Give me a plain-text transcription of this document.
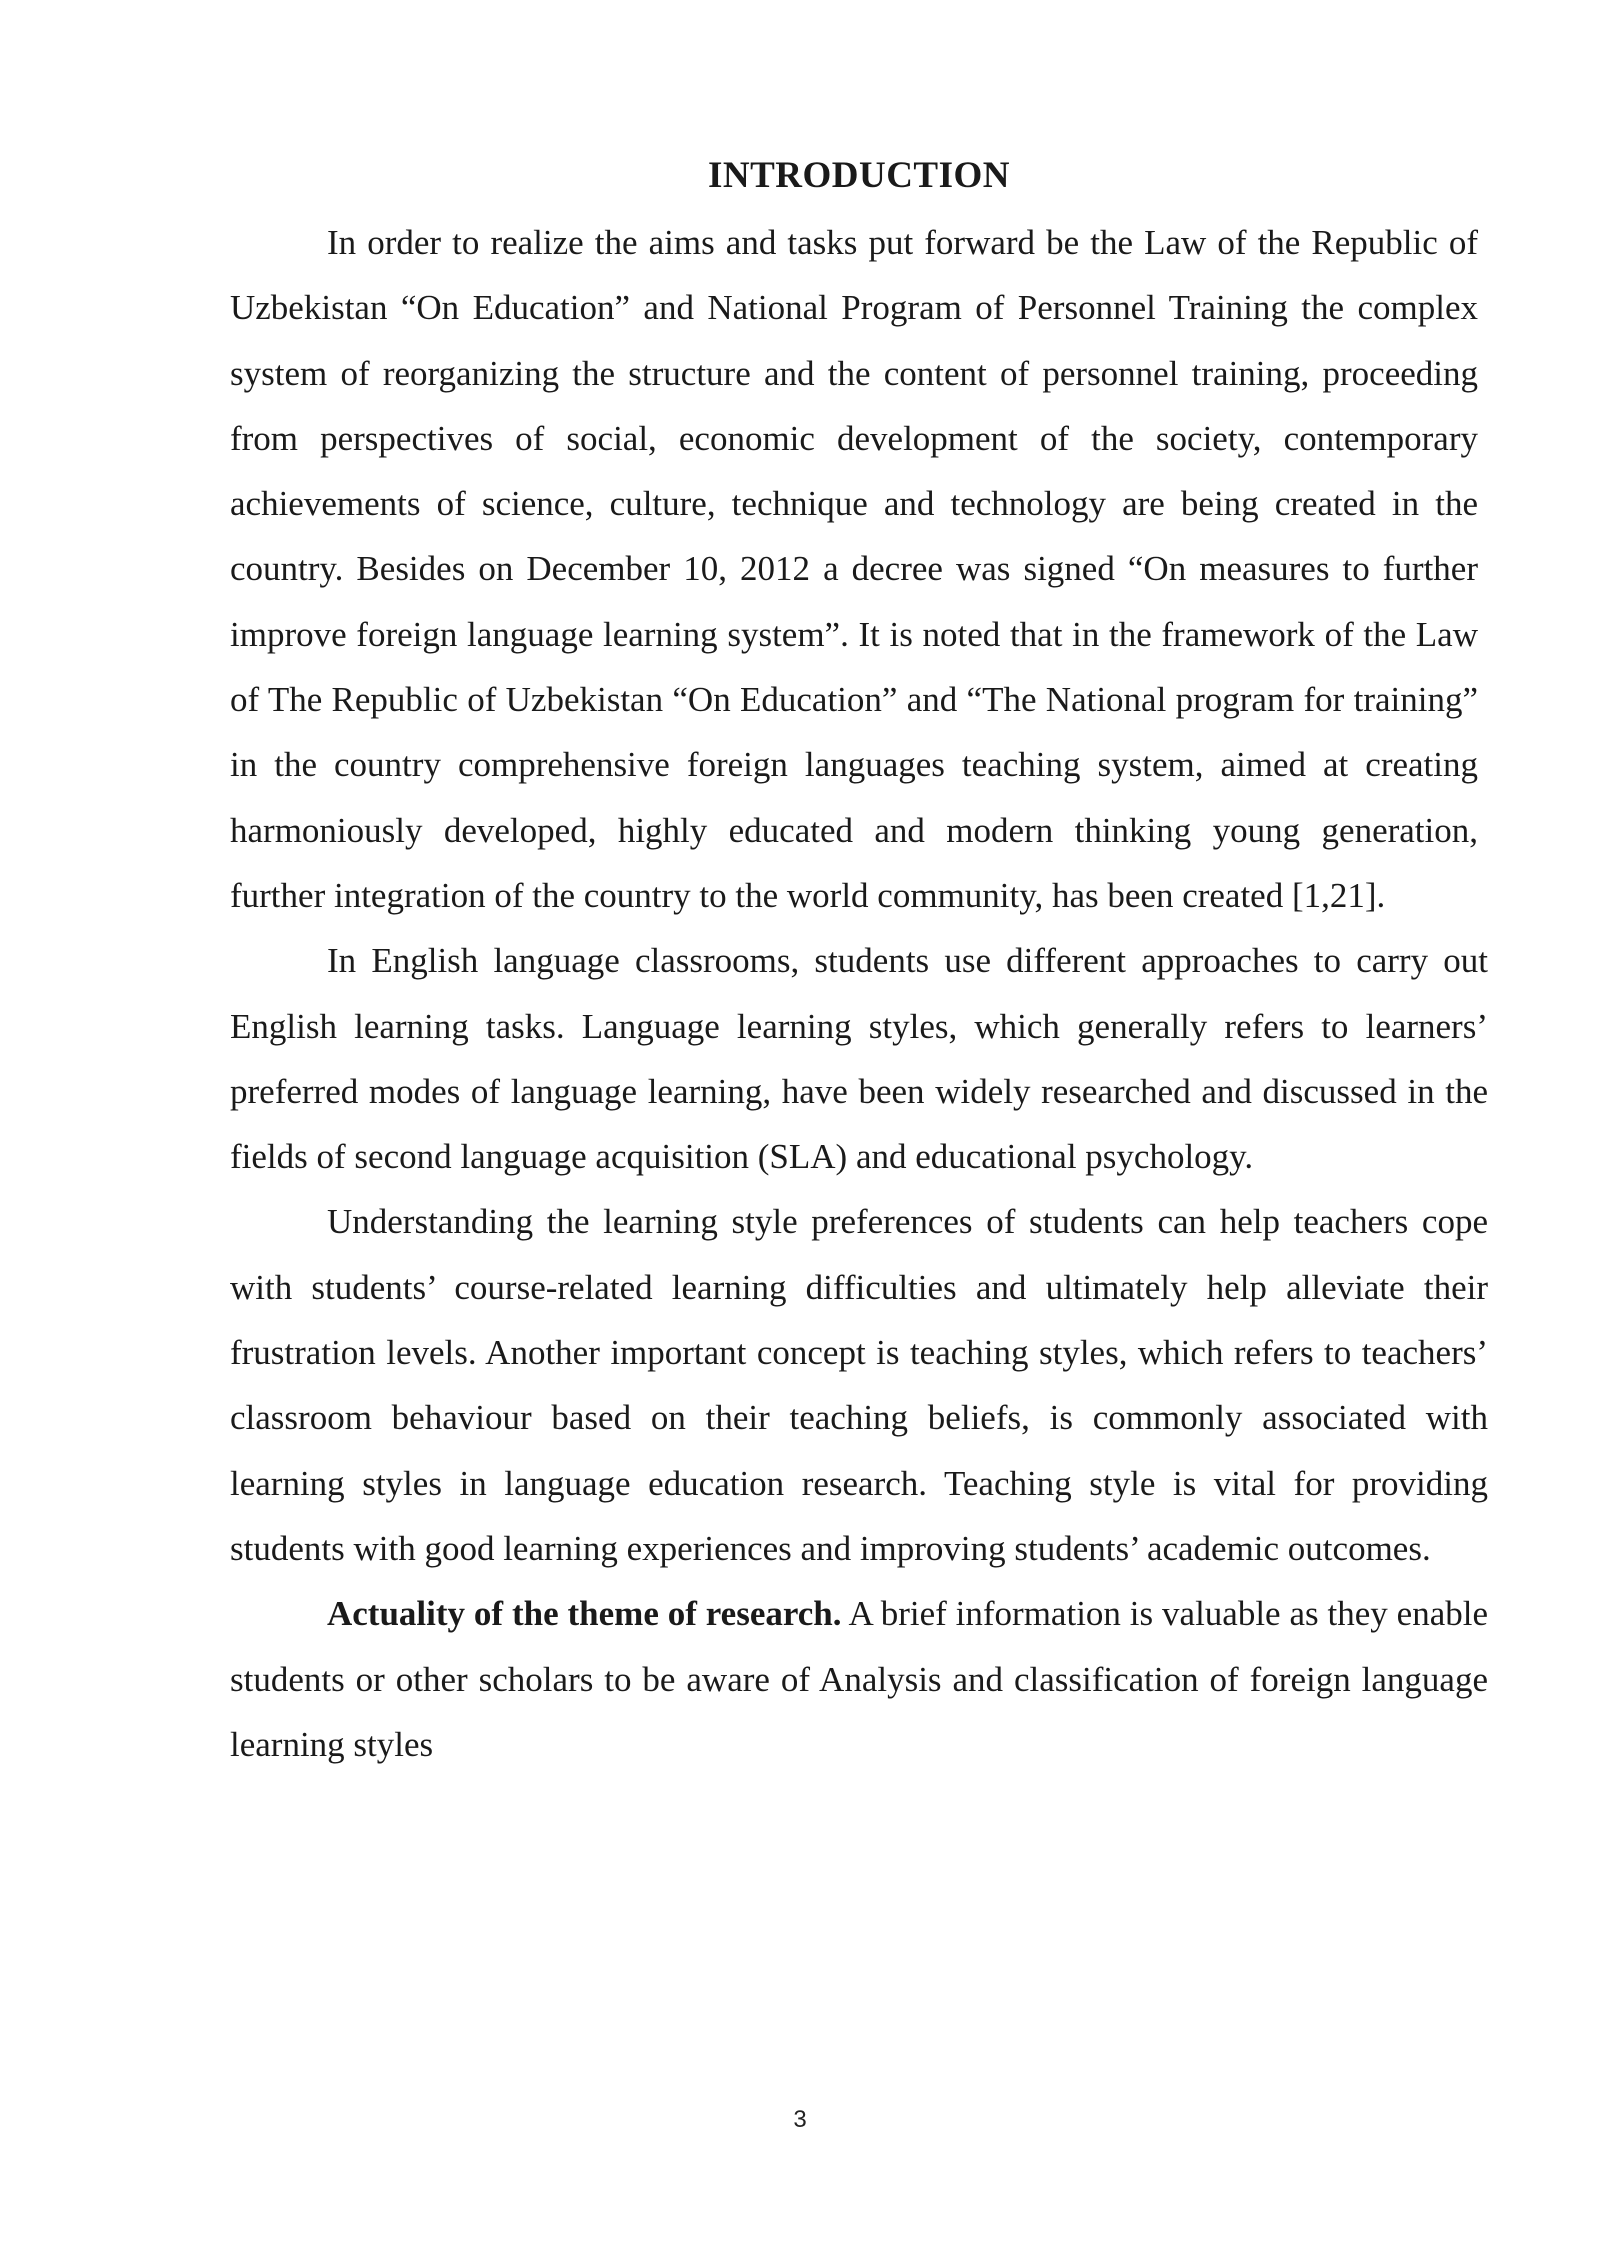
INTRODUCTION

In order to realize the aims and tasks put forward be the Law of the Republic of Uzbekistan “On Education” and National Program of Personnel Training the complex system of reorganizing the structure and the content of personnel training, proceeding from perspectives of social, economic development of the society, contemporary achievements of science, culture, technique and technology are being created in the country. Besides on December 10, 2012 a decree was signed “On measures to further improve foreign language learning system”. It is noted that in the framework of the Law of The Republic of Uzbekistan “On Education” and “The National program for training” in the country comprehensive foreign languages teaching system, aimed at creating harmoniously developed, highly educated and modern thinking young generation, further integration of the country to the world community, has been created [1,21].

In English language classrooms, students use different approaches to carry out English learning tasks. Language learning styles, which generally refers to learners’ preferred modes of language learning, have been widely researched and discussed in the fields of second language acquisition (SLA) and educational psychology.

Understanding the learning style preferences of students can help teachers cope with students’ course-related learning difficulties and ultimately help alleviate their frustration levels. Another important concept is teaching styles, which refers to teachers’ classroom behaviour based on their teaching beliefs, is commonly associated with learning styles in language education research. Teaching style is vital for providing students with good learning experiences and improving students’ academic outcomes.

Actuality of the theme of research. A brief information is valuable as they enable students or other scholars to be aware of Analysis and classification of foreign language learning styles

3
